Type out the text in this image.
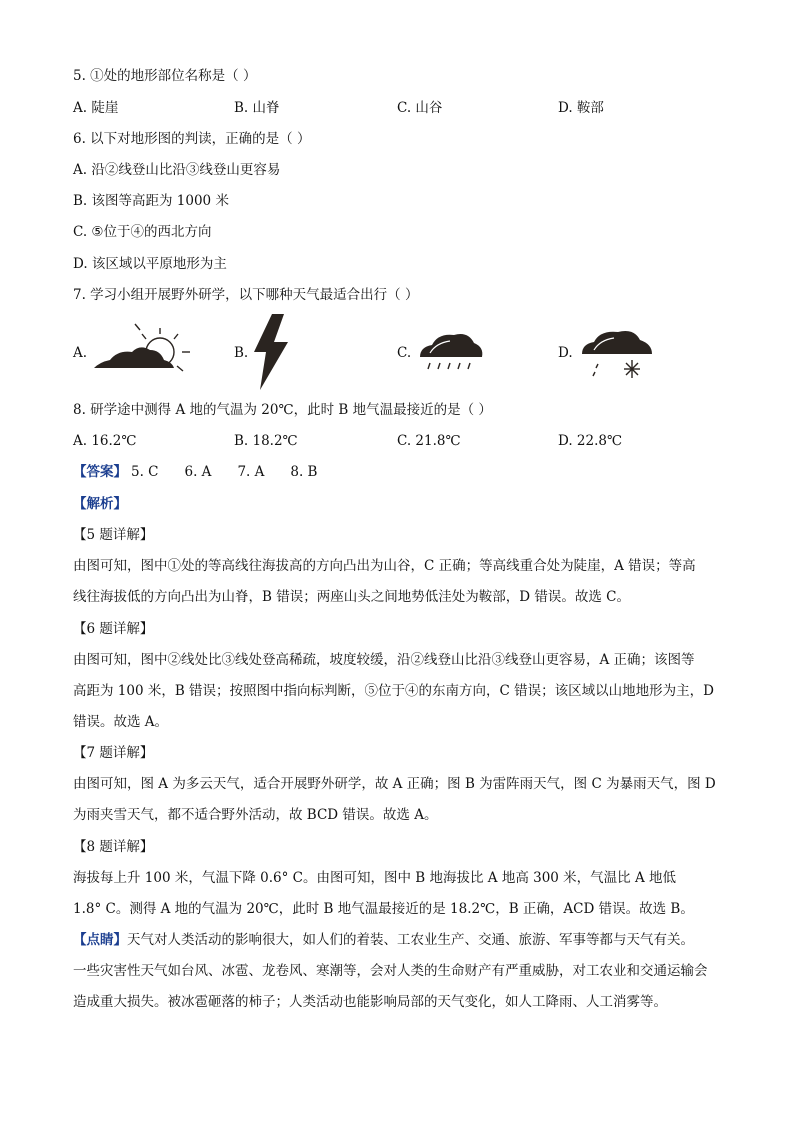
5. ①处的地形部位名称是（ ）
A. 陡崖	B. 山脊	C. 山谷	D. 鞍部
6. 以下对地形图的判读，正确的是（ ）
A. 沿②线登山比沿③线登山更容易
B. 该图等高距为 1000 米
C. ⑤位于④的西北方向
D. 该区域以平原地形为主
7. 学习小组开展野外研学，以下哪种天气最适合出行（ ）
A.	B.	C.	D.
8. 研学途中测得 A 地的气温为 20℃，此时 B 地气温最接近的是（ ）
A. 16.2℃	B. 18.2℃	C. 21.8℃	D. 22.8℃
【答案】 5. C 6. A 7. A 8. B
【解析】
【5 题详解】
由图可知，图中①处的等高线往海拔高的方向凸出为山谷，C 正确；等高线重合处为陡崖，A 错误；等高
线往海拔低的方向凸出为山脊，B 错误；两座山头之间地势低洼处为鞍部，D 错误。故选 C。
【6 题详解】
由图可知，图中②线处比③线处登高稀疏，坡度较缓，沿②线登山比沿③线登山更容易，A 正确；该图等
高距为 100 米，B 错误；按照图中指向标判断，⑤位于④的东南方向，C 错误；该区域以山地地形为主，D
错误。故选 A。
【7 题详解】
由图可知，图 A 为多云天气，适合开展野外研学，故 A 正确；图 B 为雷阵雨天气，图 C 为暴雨天气，图 D
为雨夹雪天气，都不适合野外活动，故 BCD 错误。故选 A。
【8 题详解】
海拔每上升 100 米，气温下降 0.6° C。由图可知，图中 B 地海拔比 A 地高 300 米，气温比 A 地低
1.8° C。测得 A 地的气温为 20℃，此时 B 地气温最接近的是 18.2℃，B 正确，ACD 错误。故选 B。
【点睛】天气对人类活动的影响很大，如人们的着装、工农业生产、交通、旅游、军事等都与天气有关。
一些灾害性天气如台风、冰雹、龙卷风、寒潮等，会对人类的生命财产有严重威胁，对工农业和交通运输会
造成重大损失。被冰雹砸落的柿子；人类活动也能影响局部的天气变化，如人工降雨、人工消雾等。
